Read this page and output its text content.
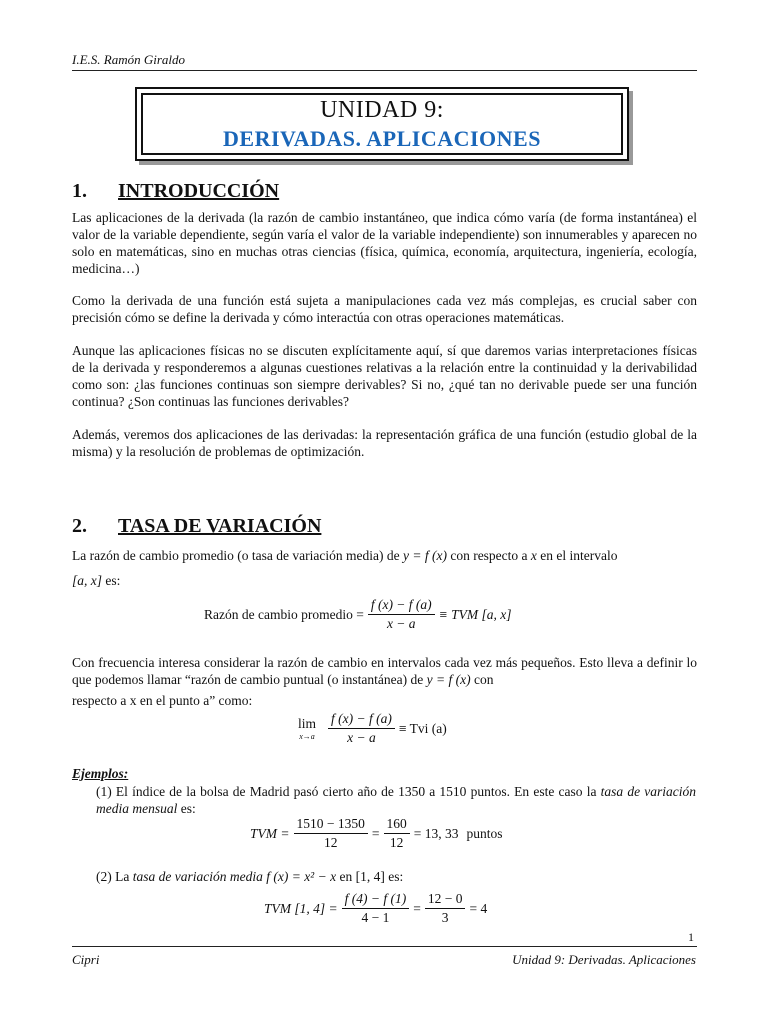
I.E.S. Ramón Giraldo
UNIDAD 9:
DERIVADAS. APLICACIONES
1. INTRODUCCIÓN
Las aplicaciones de la derivada (la razón de cambio instantáneo, que indica cómo varía (de forma instantánea) el valor de la variable dependiente, según varía el valor de la variable independiente) son innumerables y aparecen no solo en matemáticas, sino en muchas otras ciencias (física, química, economía, arquitectura, ingeniería, ecología, medicina…)
Como la derivada de una función está sujeta a manipulaciones cada vez más complejas, es crucial saber con precisión cómo se define la derivada y cómo interactúa con otras operaciones matemáticas.
Aunque las aplicaciones físicas no se discuten explícitamente aquí, sí que daremos varias interpretaciones físicas de la derivada y responderemos a algunas cuestiones relativas a la relación entre la continuidad y la derivabilidad como son: ¿las funciones continuas son siempre derivables? Si no, ¿qué tan no derivable puede ser una función continua? ¿Son continuas las funciones derivables?
Además, veremos dos aplicaciones de las derivadas: la representación gráfica de una función (estudio global de la misma) y la resolución de problemas de optimización.
2. TASA DE VARIACIÓN
La razón de cambio promedio (o tasa de variación media) de y = f (x) con respecto a x en el intervalo
[a, x] es:
Razón de cambio promedio = $\frac{f (x) - f (a)}{x - a}$ ≡ TVM [a, x]
Con frecuencia interesa considerar la razón de cambio en intervalos cada vez más pequeños. Esto lleva a definir lo que podemos llamar “razón de cambio puntual (o instantánea) de y = f (x) con
respecto a x en el punto a” como:
lim
$x\to a \frac{f (x) - f (a)}{x - a}$ ≡ Tvi (a)
Ejemplos:
(1) El índice de la bolsa de Madrid pasó cierto año de 1350 a 1510 puntos. En este caso la tasa de variación media mensual es:
TVM = $\frac{1510 - 1350}{12} = \frac{160}{12} = 13$, 33 puntos
(2) La tasa de variación media f (x) = x² − x en [1, 4] es:
TVM [1, $4] = \frac{f (4) - f (1)}{4 - 1} = \frac{12 - 0}{3} = 4$
1
Cipri	Unidad 9: Derivadas. Aplicaciones
